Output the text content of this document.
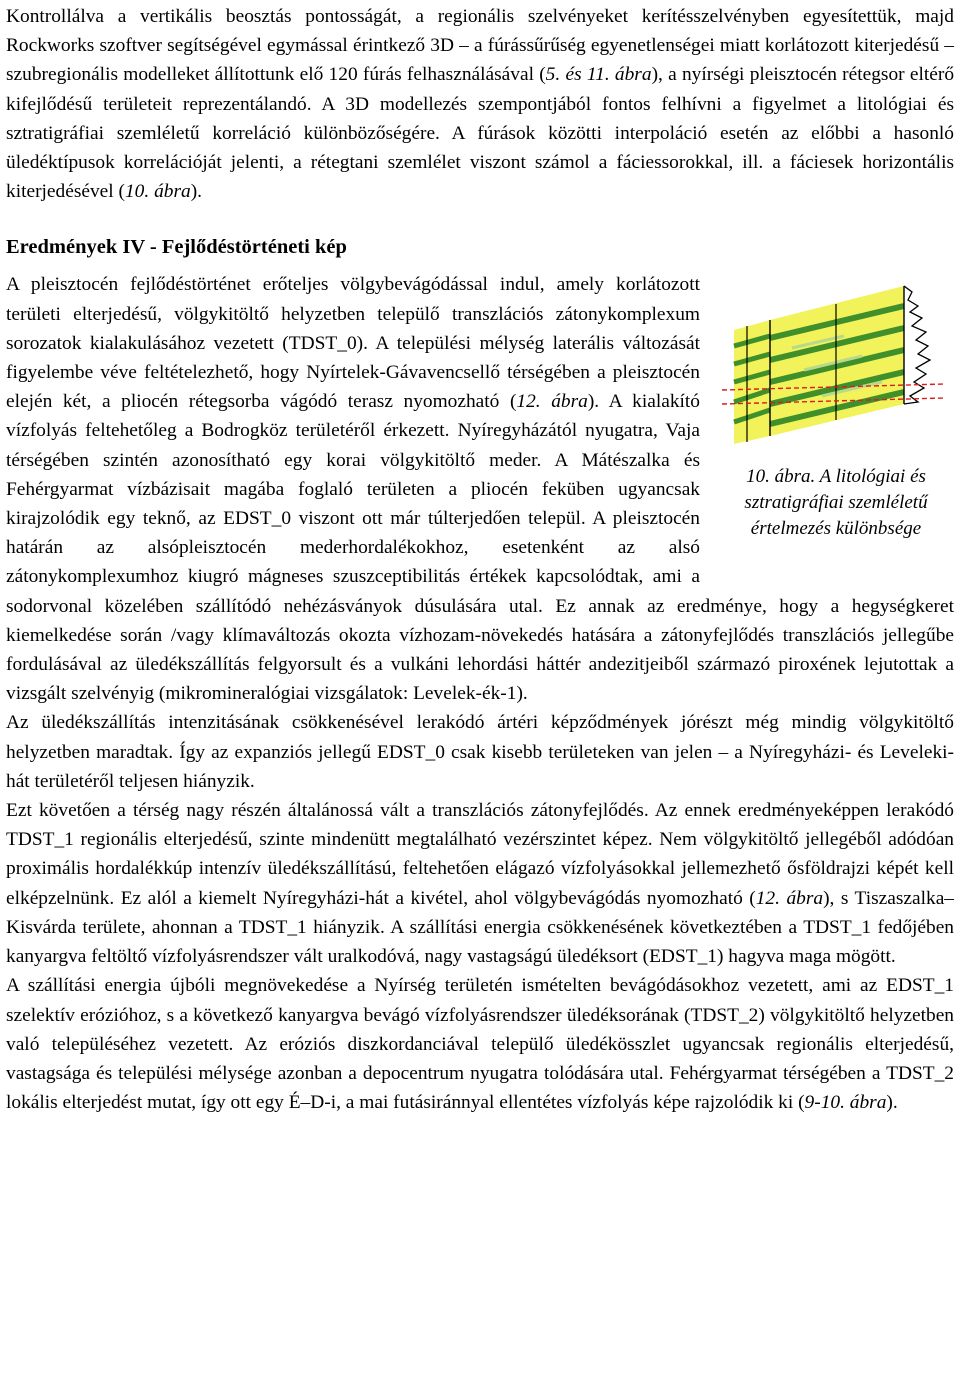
Kontrollálva a vertikális beosztás pontosságát, a regionális szelvényeket kerítésszelvényben egyesítettük, majd Rockworks szoftver segítségével egymással érintkező 3D – a fúrássűrűség egyenetlenségei miatt korlátozott kiterjedésű – szubregionális modelleket állítottunk elő 120 fúrás felhasználásával (5. és 11. ábra), a nyírségi pleisztocén rétegsor eltérő kifejlődésű területeit reprezentálandó. A 3D modellezés szempontjából fontos felhívni a figyelmet a litológiai és sztratigráfiai szemléletű korreláció különbözőségére. A fúrások közötti interpoláció esetén az előbbi a hasonló üledéktípusok korrelációját jelenti, a rétegtani szemlélet viszont számol a fáciessorokkal, ill. a fáciesek horizontális kiterjedésével (10. ábra).

Eredmények IV - Fejlődéstörténeti kép
10. ábra. A litológiai és
sztratigráfiai szemléletű
értelmezés különbsége

A pleisztocén fejlődéstörténet erőteljes völgybevágódással indul, amely korlátozott területi elterjedésű, völgykitöltő helyzetben települő transzlációs zátonykomplexum sorozatok kialakulásához vezetett (TDST_0). A települési mélység laterális változását figyelembe véve feltételezhető, hogy Nyírtelek-Gávavencsellő térségében a pleisztocén elején két, a pliocén rétegsorba vágódó terasz nyomozható (12. ábra). A kialakító vízfolyás feltehetőleg a Bodrogköz területéről érkezett. Nyíregyházától nyugatra, Vaja térségében szintén azonosítható egy korai völgykitöltő meder. A Mátészalka és Fehérgyarmat vízbázisait magába foglaló területen a pliocén feküben ugyancsak kirajzolódik egy teknő, az EDST_0 viszont ott már túlterjedően települ. A pleisztocén határán az alsópleisztocén mederhordalékokhoz, esetenként az alsó zátonykomplexumhoz kiugró mágneses szuszceptibilitás értékek kapcsolódtak, ami a sodorvonal közelében szállítódó nehézásványok dúsulására utal. Ez annak az eredménye, hogy a hegységkeret kiemelkedése során /vagy klímaváltozás okozta vízhozam-növekedés hatására a zátonyfejlődés transzlációs jellegűbe fordulásával az üledékszállítás felgyorsult és a vulkáni lehordási háttér andezitjeiből származó piroxének lejutottak a vizsgált szelvényig (mikromineralógiai vizsgálatok: Levelek-ék-1).

Az üledékszállítás intenzitásának csökkenésével lerakódó ártéri képződmények jórészt még mindig völgykitöltő helyzetben maradtak. Így az expanziós jellegű EDST_0 csak kisebb területeken van jelen – a Nyíregyházi- és Leveleki-hát területéről teljesen hiányzik.

Ezt követően a térség nagy részén általánossá vált a transzlációs zátonyfejlődés. Az ennek eredményeképpen lerakódó TDST_1 regionális elterjedésű, szinte mindenütt megtalálható vezérszintet képez. Nem völgykitöltő jellegéből adódóan proximális hordalékkúp intenzív üledékszállítású, feltehetően elágazó vízfolyásokkal jellemezhető ősföldrajzi képét kell elképzelnünk. Ez alól a kiemelt Nyíregyházi-hát a kivétel, ahol völgybevágódás nyomozható (12. ábra), s Tiszaszalka–Kisvárda területe, ahonnan a TDST_1 hiányzik. A szállítási energia csökkenésének következtében a TDST_1 fedőjében kanyargva feltöltő vízfolyásrendszer vált uralkodóvá, nagy vastagságú üledéksort (EDST_1) hagyva maga mögött.

A szállítási energia újbóli megnövekedése a Nyírség területén ismételten bevágódásokhoz vezetett, ami az EDST_1 szelektív erózióhoz, s a következő kanyargva bevágó vízfolyásrendszer üledéksorának (TDST_2) völgykitöltő helyzetben való településéhez vezetett. Az eróziós diszkordanciával települő üledékösszlet ugyancsak regionális elterjedésű, vastagsága és települési mélysége azonban a depocentrum nyugatra tolódására utal. Fehérgyarmat térségében a TDST_2 lokális elterjedést mutat, így ott egy É–D-i, a mai futásiránnyal ellentétes vízfolyás képe rajzolódik ki (9-10. ábra).
